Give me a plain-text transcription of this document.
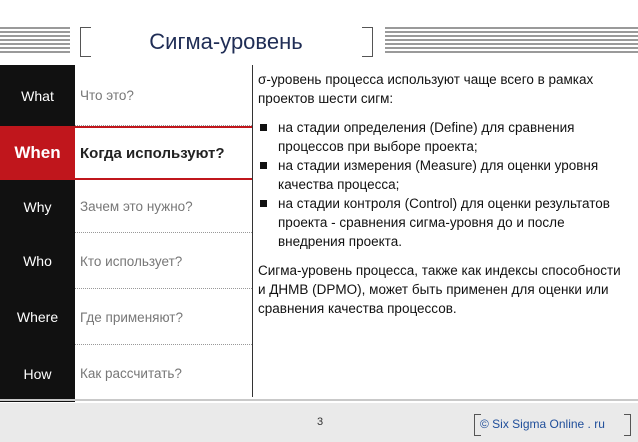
Сигма-уровень
What	Что это?
When	Когда используют?
Why	Зачем это нужно?
Who	Кто использует?
Where	Где применяют?
How	Как рассчитать?

σ-уровень процесса используют чаще всего в рамках проектов шести сигм:

на стадии определения (Define) для сравнения процессов при выборе проекта;
на стадии измерения (Measure) для оценки уровня качества процесса;
на стадии контроля (Control) для оценки результатов проекта - сравнения сигма-уровня до и после внедрения проекта.

Сигма-уровень процесса, также как индексы способности и ДНМВ (DPMO), может быть применен для оценки или сравнения качества процессов.

3	© Six Sigma Online . ru
